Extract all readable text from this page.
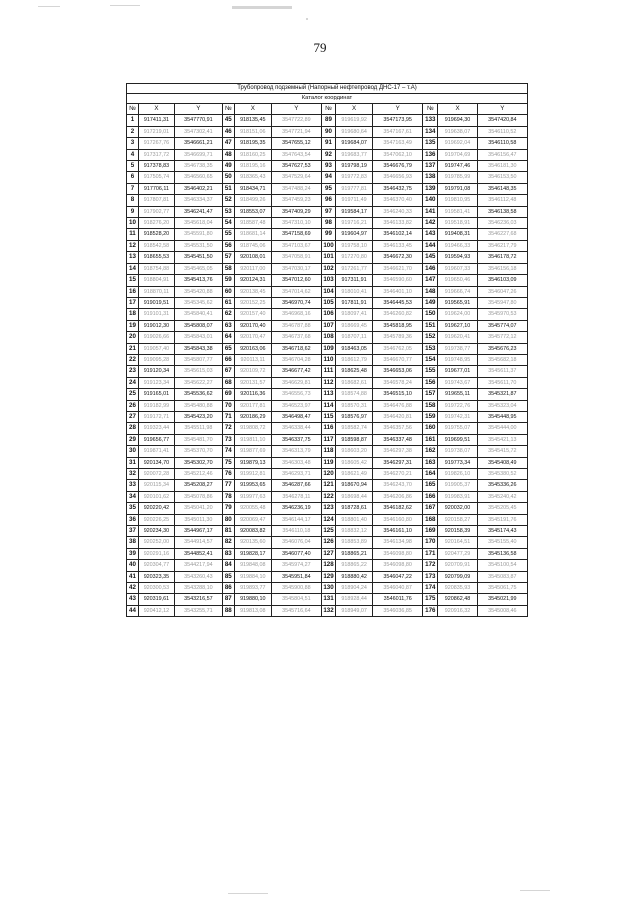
79
Трубопровод подземный (Напорный нефтепровод ДНС-17 – т.А)											
Каталог координат											
№	X	Y	№	X	Y	№	X	Y	№	X	Y
1	917411,31	3547770,91	45	918135,45	3547722,89	89	919619,92	3547173,95	133	919694,30	3547420,84
2	917219,01	3547302,41	46	918151,06	3547721,94	90	919680,64	3547167,61	134	919638,07	3546110,52
3	917267,76	3546661,21	47	918195,35	3547655,12	91	919684,07	3547163,49	135	919692,04	3546110,58
4	917317,72	3546699,71	48	918160,25	3547643,54	92	919683,77	3547062,10	136	919704,69	3546156,47
5	917378,83	3546738,35	49	918195,16	3547627,53	93	919798,19	3546676,79	137	919747,46	3546181,30
6	917505,74	3546560,65	50	918365,43	3547529,64	94	919772,83	3546656,93	138	919785,99	3546153,50
7	917706,11	3546402,21	51	918434,71	3547488,24	95	919777,81	3546432,75	139	919791,08	3546148,35
8	917807,81	3546334,37	52	918499,26	3547459,23	96	919711,49	3546370,40	140	919810,95	3546112,48
9	917902,77	3546241,47	53	918553,07	3547409,29	97	919584,17	3546240,33	141	919581,41	3546138,58
10	918276,20	3545618,04	54	918587,48	3547310,10	98	919716,21	3546133,82	142	919518,91	3546236,03
11	918528,20	3545591,80	55	918681,14	3547158,69	99	919604,97	3546102,14	143	919408,31	3546227,68
12	918542,58	3545531,50	56	918745,06	3547103,67	100	919758,10	3546133,45	144	919466,33	3546217,79
13	918655,53	3545451,50	57	920108,01	3547058,91	101	917270,80	3546672,30	145	919594,93	3546178,72
14	918754,88	3545465,05	58	920117,00	3547030,17	102	917261,77	3546621,70	146	919607,33	3546156,18
15	918804,91	3545413,76	59	920124,31	3547012,60	103	917311,91	3546590,60	147	919650,46	3546103,09
16	918870,11	3545420,88	60	920138,45	3547014,62	104	918010,41	3546401,10	148	919666,74	3546047,26
17	919019,51	3545345,62	61	920152,25	3546970,74	105	917811,91	3546445,53	149	919565,91	3545947,80
18	919101,31	3545840,41	62	920157,40	3546968,16	106	918097,41	3546260,82	150	919624,00	3545970,53
19	919012,30	3545808,07	63	920170,40	3546787,88	107	918669,45	3545818,95	151	919627,10	3545774,07
20	919026,66	3545843,01	64	920170,47	3546737,68	108	918707,11	3545789,36	152	919620,41	3545772,12
21	919057,40	3545843,38	65	920163,06	3546718,62	109	918463,05	3546762,05	153	919738,77	3545676,23
22	919095,28	3545807,77	66	920113,11	3546704,28	110	918612,79	3546670,77	154	919748,95	3545682,18
23	919120,34	3545615,03	67	920109,72	3546677,42	111	918625,48	3546653,06	155	919677,01	3545611,37
24	919123,34	3545622,27	68	920131,57	3546629,81	112	918682,61	3546578,24	156	919743,67	3545611,70
25	919165,01	3545536,62	69	920116,36	3546556,73	113	918574,88	3546515,10	157	919655,11	3545321,87
26	919182,99	3545480,88	70	920177,81	3546523,97	114	918570,31	3546476,88	158	919722,76	3545323,04
27	919172,71	3545423,20	71	920186,29	3546498,47	115	918576,97	3546420,81	159	919742,31	3545448,95
28	919323,44	3545511,98	72	919808,72	3546338,44	116	918582,74	3546357,56	160	919755,07	3545444,00
29	919656,77	3545481,70	73	919811,10	3546337,75	117	918598,87	3546337,48	161	919699,51	3545421,13
30	919871,41	3545370,70	74	919877,69	3546313,79	118	918603,20	3546297,38	162	919738,07	3545415,72
31	920134,70	3545302,70	75	919879,13	3546303,48	119	918605,42	3546297,31	163	919773,34	3545408,49
32	920072,28	3545212,46	76	919912,81	3546293,71	120	918621,49	3546270,21	164	919826,10	3545380,52
33	920115,34	3545208,27	77	919953,65	3546287,66	121	918670,94	3546243,70	165	919905,37	3545336,26
34	920101,62	3545078,86	78	919977,63	3546278,11	122	918698,44	3546206,86	166	919983,91	3545240,42
35	920220,42	3545041,20	79	920055,48	3546236,19	123	918728,61	3546182,62	167	920032,00	3545205,45
36	920226,25	3545011,30	80	920069,47	3546144,17	124	918801,40	3546160,80	168	920158,27	3545191,76
37	920234,30	3544967,17	81	920083,82	3546110,18	125	918832,12	3546161,10	169	920158,39	3545174,43
38	920252,00	3544914,57	82	920135,60	3546076,04	126	918853,89	3546134,98	170	920164,51	3545155,40
39	920291,16	3544852,41	83	919828,17	3546077,40	127	918865,21	3546098,80	171	920477,29	3545136,58
40	920304,77	3544217,94	84	919848,08	3545974,27	128	918865,22	3546098,80	172	920709,91	3545100,54
41	920323,35	3543260,43	85	919884,10	3545951,84	129	918880,42	3546047,22	173	920799,09	3545083,87
42	920300,53	3543288,10	86	919893,77	3545900,88	130	918904,24	3546040,87	174	920835,93	3545061,75
43	920319,61	3543216,57	87	919880,10	3545804,51	131	918928,44	3546011,76	175	920862,48	3545021,99
44	920412,12	3543255,71	88	919813,08	3545716,64	132	918949,07	3546036,85	176	920916,32	3545008,46
